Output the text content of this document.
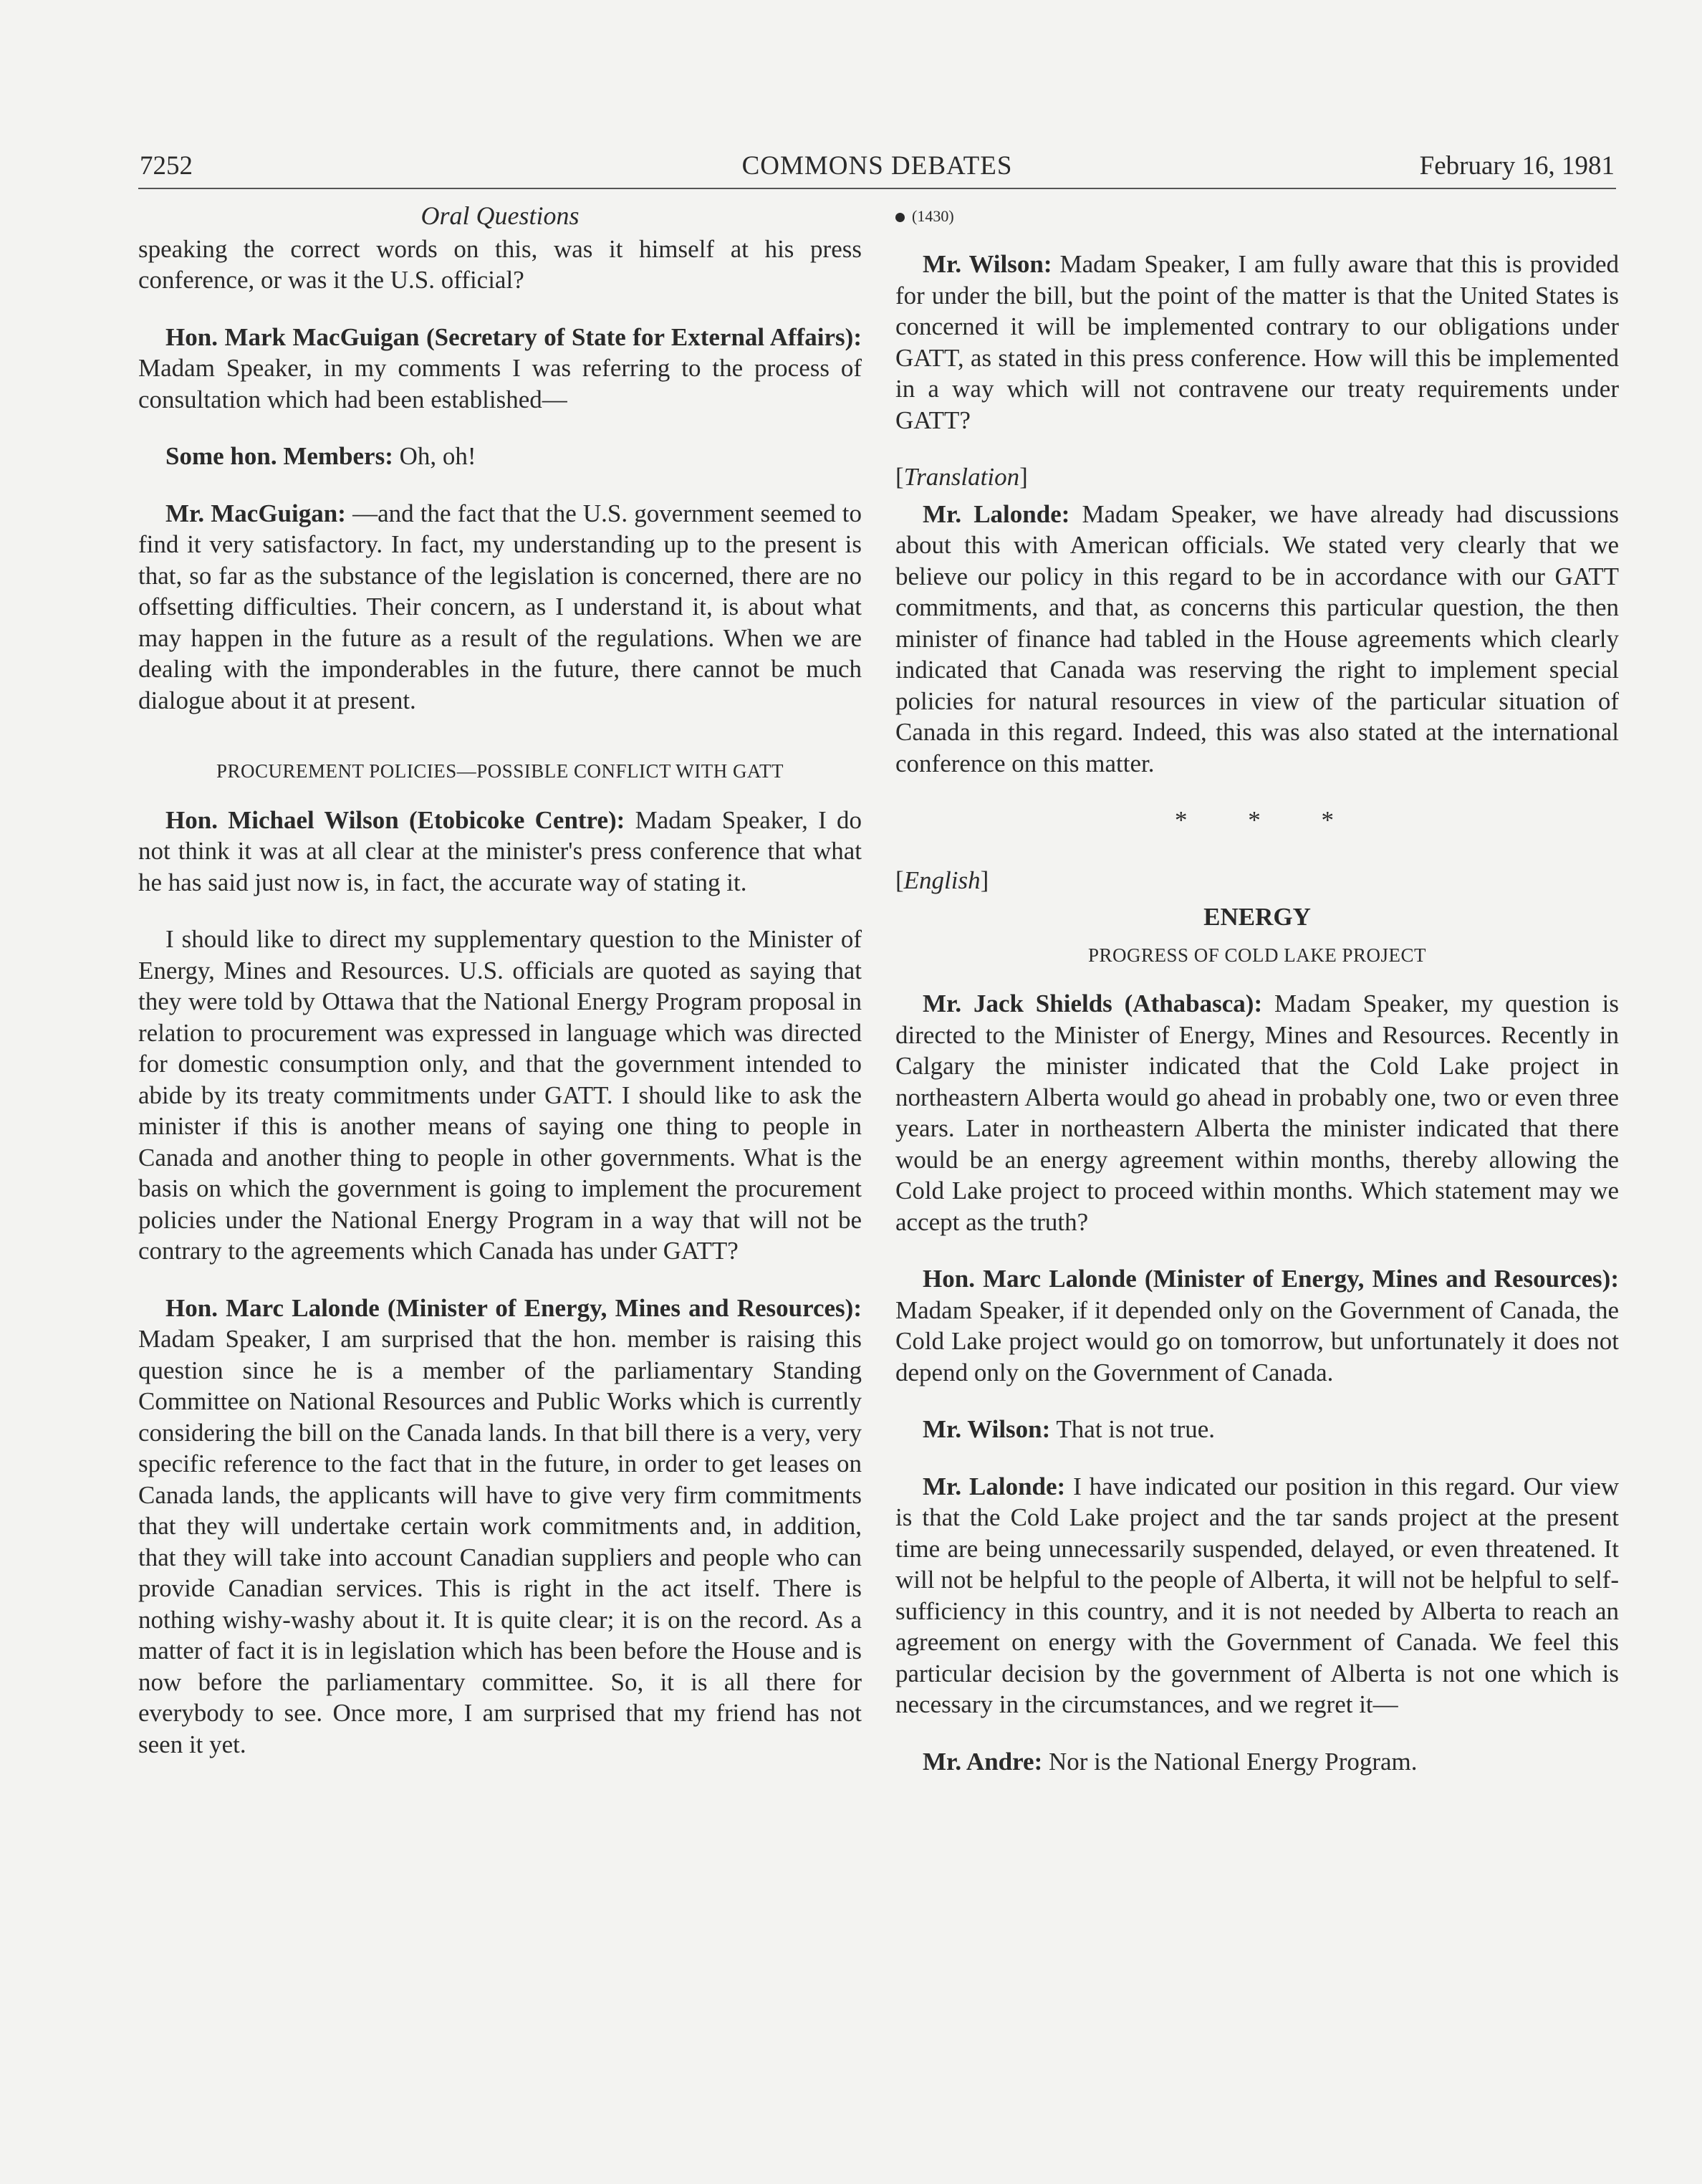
7252	COMMONS DEBATES	February 16, 1981
Oral Questions

speaking the correct words on this, was it himself at his press conference, or was it the U.S. official?

Hon. Mark MacGuigan (Secretary of State for External Affairs): Madam Speaker, in my comments I was referring to the process of consultation which had been established—

Some hon. Members: Oh, oh!

Mr. MacGuigan: —and the fact that the U.S. government seemed to find it very satisfactory. In fact, my understanding up to the present is that, so far as the substance of the legislation is concerned, there are no offsetting difficulties. Their concern, as I understand it, is about what may happen in the future as a result of the regulations. When we are dealing with the imponderables in the future, there cannot be much dialogue about it at present.

PROCUREMENT POLICIES—POSSIBLE CONFLICT WITH GATT

Hon. Michael Wilson (Etobicoke Centre): Madam Speaker, I do not think it was at all clear at the minister's press conference that what he has said just now is, in fact, the accurate way of stating it.

I should like to direct my supplementary question to the Minister of Energy, Mines and Resources. U.S. officials are quoted as saying that they were told by Ottawa that the National Energy Program proposal in relation to procurement was expressed in language which was directed for domestic consumption only, and that the government intended to abide by its treaty commitments under GATT. I should like to ask the minister if this is another means of saying one thing to people in Canada and another thing to people in other governments. What is the basis on which the government is going to implement the procurement policies under the National Energy Program in a way that will not be contrary to the agreements which Canada has under GATT?

Hon. Marc Lalonde (Minister of Energy, Mines and Resources): Madam Speaker, I am surprised that the hon. member is raising this question since he is a member of the parliamentary Standing Committee on National Resources and Public Works which is currently considering the bill on the Canada lands. In that bill there is a very, very specific reference to the fact that in the future, in order to get leases on Canada lands, the applicants will have to give very firm commitments that they will undertake certain work commitments and, in addition, that they will take into account Canadian suppliers and people who can provide Canadian services. This is right in the act itself. There is nothing wishy-washy about it. It is quite clear; it is on the record. As a matter of fact it is in legislation which has been before the House and is now before the parliamentary committee. So, it is all there for everybody to see. Once more, I am surprised that my friend has not seen it yet.

(1430)

Mr. Wilson: Madam Speaker, I am fully aware that this is provided for under the bill, but the point of the matter is that the United States is concerned it will be implemented contrary to our obligations under GATT, as stated in this press conference. How will this be implemented in a way which will not contravene our treaty requirements under GATT?

[Translation]

Mr. Lalonde: Madam Speaker, we have already had discussions about this with American officials. We stated very clearly that we believe our policy in this regard to be in accordance with our GATT commitments, and that, as concerns this particular question, the then minister of finance had tabled in the House agreements which clearly indicated that Canada was reserving the right to implement special policies for natural resources in view of the particular situation of Canada in this regard. Indeed, this was also stated at the international conference on this matter.

* * *
[English]
ENERGY
PROGRESS OF COLD LAKE PROJECT

Mr. Jack Shields (Athabasca): Madam Speaker, my question is directed to the Minister of Energy, Mines and Resources. Recently in Calgary the minister indicated that the Cold Lake project in northeastern Alberta would go ahead in probably one, two or even three years. Later in northeastern Alberta the minister indicated that there would be an energy agreement within months, thereby allowing the Cold Lake project to proceed within months. Which statement may we accept as the truth?

Hon. Marc Lalonde (Minister of Energy, Mines and Resources): Madam Speaker, if it depended only on the Government of Canada, the Cold Lake project would go on tomorrow, but unfortunately it does not depend only on the Government of Canada.

Mr. Wilson: That is not true.

Mr. Lalonde: I have indicated our position in this regard. Our view is that the Cold Lake project and the tar sands project at the present time are being unnecessarily suspended, delayed, or even threatened. It will not be helpful to the people of Alberta, it will not be helpful to self-sufficiency in this country, and it is not needed by Alberta to reach an agreement on energy with the Government of Canada. We feel this particular decision by the government of Alberta is not one which is necessary in the circumstances, and we regret it—

Mr. Andre: Nor is the National Energy Program.
